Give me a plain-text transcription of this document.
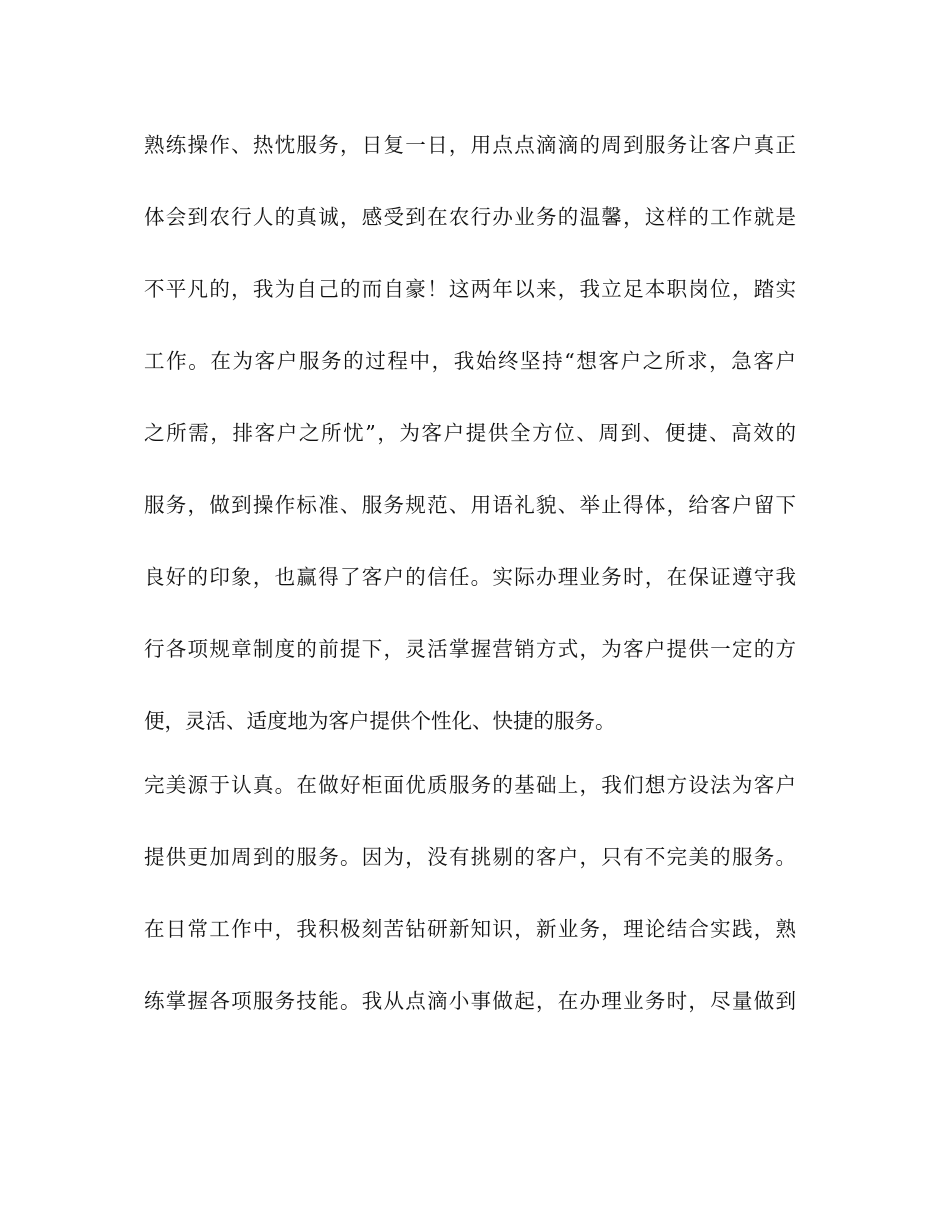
熟练操作、热忱服务，日复一日，用点点滴滴的周到服务让客户真正
体会到农行人的真诚，感受到在农行办业务的温馨，这样的工作就是
不平凡的，我为自己的而自豪！这两年以来，我立足本职岗位，踏实
工作。在为客户服务的过程中，我始终坚持“想客户之所求，急客户
之所需，排客户之所忧”，为客户提供全方位、周到、便捷、高效的
服务，做到操作标准、服务规范、用语礼貌、举止得体，给客户留下
良好的印象，也赢得了客户的信任。实际办理业务时，在保证遵守我
行各项规章制度的前提下，灵活掌握营销方式，为客户提供一定的方
便，灵活、适度地为客户提供个性化、快捷的服务。
完美源于认真。在做好柜面优质服务的基础上，我们想方设法为客户
提供更加周到的服务。因为，没有挑剔的客户，只有不完美的服务。
在日常工作中，我积极刻苦钻研新知识，新业务，理论结合实践，熟
练掌握各项服务技能。我从点滴小事做起，在办理业务时，尽量做到
